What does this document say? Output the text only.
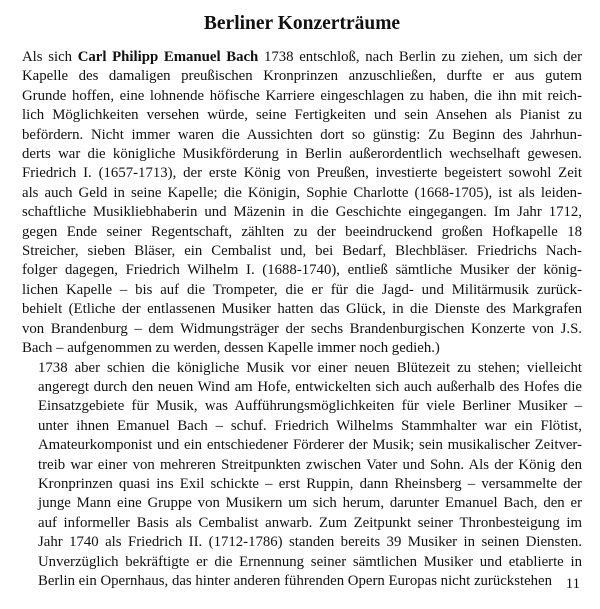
Berliner Konzerträume

Als sich Carl Philipp Emanuel Bach 1738 entschloß, nach Berlin zu ziehen, um sich der
Kapelle des damaligen preußischen Kronprinzen anzuschließen, durfte er aus gutem
Grunde hoffen, eine lohnende höfische Karriere eingeschlagen zu haben, die ihn mit reich-
lich Möglichkeiten versehen würde, seine Fertigkeiten und sein Ansehen als Pianist zu
befördern. Nicht immer waren die Aussichten dort so günstig: Zu Beginn des Jahrhun-
derts war die königliche Musikförderung in Berlin außerordentlich wechselhaft gewesen.
Friedrich I. (1657-1713), der erste König von Preußen, investierte begeistert sowohl Zeit
als auch Geld in seine Kapelle; die Königin, Sophie Charlotte (1668-1705), ist als leiden-
schaftliche Musikliebhaberin und Mäzenin in die Geschichte eingegangen. Im Jahr 1712,
gegen Ende seiner Regentschaft, zählten zu der beeindruckend großen Hofkapelle 18
Streicher, sieben Bläser, ein Cembalist und, bei Bedarf, Blechbläser. Friedrichs Nach-
folger dagegen, Friedrich Wilhelm I. (1688-1740), entließ sämtliche Musiker der könig-
lichen Kapelle – bis auf die Trompeter, die er für die Jagd- und Militärmusik zurück-
behielt (Etliche der entlassenen Musiker hatten das Glück, in die Dienste des Markgrafen
von Brandenburg – dem Widmungsträger der sechs Brandenburgischen Konzerte von J.S.
Bach – aufgenommen zu werden, dessen Kapelle immer noch gedieh.)

1738 aber schien die königliche Musik vor einer neuen Blütezeit zu stehen; vielleicht
angeregt durch den neuen Wind am Hofe, entwickelten sich auch außerhalb des Hofes die
Einsatzgebiete für Musik, was Aufführungsmöglichkeiten für viele Berliner Musiker –
unter ihnen Emanuel Bach – schuf. Friedrich Wilhelms Stammhalter war ein Flötist,
Amateurkomponist und ein entschiedener Förderer der Musik; sein musikalischer Zeitver-
treib war einer von mehreren Streitpunkten zwischen Vater und Sohn. Als der König den
Kronprinzen quasi ins Exil schickte – erst Ruppin, dann Rheinsberg – versammelte der
junge Mann eine Gruppe von Musikern um sich herum, darunter Emanuel Bach, den er
auf informeller Basis als Cembalist anwarb. Zum Zeitpunkt seiner Thronbesteigung im
Jahr 1740 als Friedrich II. (1712-1786) standen bereits 39 Musiker in seinen Diensten.
Unverzüglich bekräftigte er die Ernennung seiner sämtlichen Musiker und etablierte in
Berlin ein Opernhaus, das hinter anderen führenden Opern Europas nicht zurückstehen 11
